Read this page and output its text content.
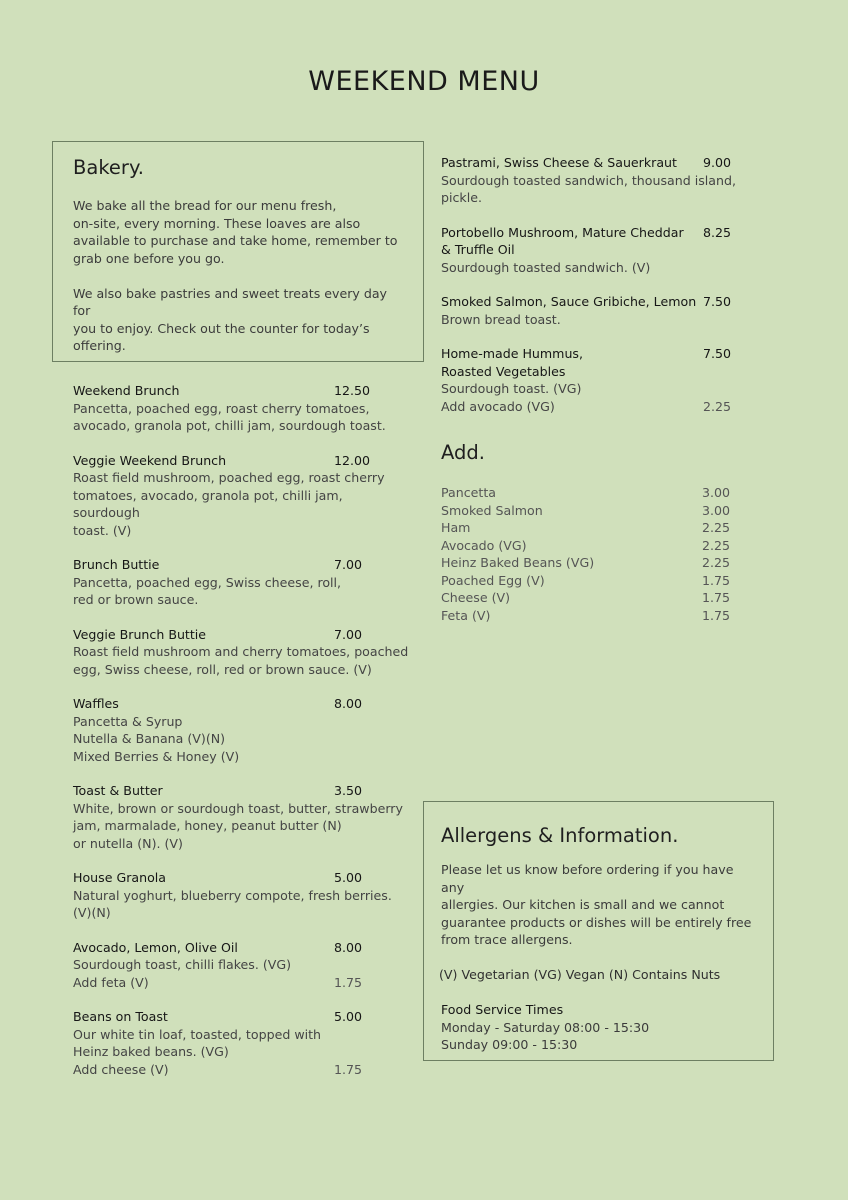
WEEKEND MENU
Bakery.
We bake all the bread for our menu fresh,
on-site, every morning. These loaves are also
available to purchase and take home, remember to
grab one before you go.
We also bake pastries and sweet treats every day for
you to enjoy. Check out the counter for today’s
offering.
Weekend Brunch	12.50
Pancetta, poached egg, roast cherry tomatoes,
avocado, granola pot, chilli jam, sourdough toast.
Veggie Weekend Brunch	12.00
Roast field mushroom, poached egg, roast cherry
tomatoes, avocado, granola pot, chilli jam, sourdough
toast. (V)
Brunch Buttie	7.00
Pancetta, poached egg, Swiss cheese, roll,
red or brown sauce.
Veggie Brunch Buttie	7.00
Roast field mushroom and cherry tomatoes, poached
egg, Swiss cheese, roll, red or brown sauce. (V)
Waffles	8.00
Pancetta & Syrup
Nutella & Banana (V)(N)
Mixed Berries & Honey (V)
Toast & Butter	3.50
White, brown or sourdough toast, butter, strawberry
jam, marmalade, honey, peanut butter (N)
or nutella (N). (V)
House Granola	5.00
Natural yoghurt, blueberry compote, fresh berries.
(V)(N)
Avocado, Lemon, Olive Oil	8.00
Sourdough toast, chilli flakes. (VG)
Add feta (V)	1.75
Beans on Toast	5.00
Our white tin loaf, toasted, topped with
Heinz baked beans. (VG)
Add cheese (V)	1.75
Pastrami, Swiss Cheese & Sauerkraut	9.00
Sourdough toasted sandwich, thousand island,
pickle.
Portobello Mushroom, Mature Cheddar
& Truffle Oil
8.25
Sourdough toasted sandwich. (V)
Smoked Salmon, Sauce Gribiche, Lemon 7.50
Brown bread toast.
Home-made Hummus,
Roasted Vegetables
7.50
Sourdough toast. (VG)
Add avocado (VG)	2.25
Add.
Pancetta	3.00
Smoked Salmon	3.00
Ham	2.25
Avocado (VG)	2.25
Heinz Baked Beans (VG)	2.25
Poached Egg (V)	1.75
Cheese (V)	1.75
Feta (V)	1.75
Allergens & Information.
Please let us know before ordering if you have any
allergies. Our kitchen is small and we cannot
guarantee products or dishes will be entirely free
from trace allergens.
(V) Vegetarian (VG) Vegan (N) Contains Nuts
Food Service Times
Monday - Saturday 08:00 - 15:30
Sunday 09:00 - 15:30
